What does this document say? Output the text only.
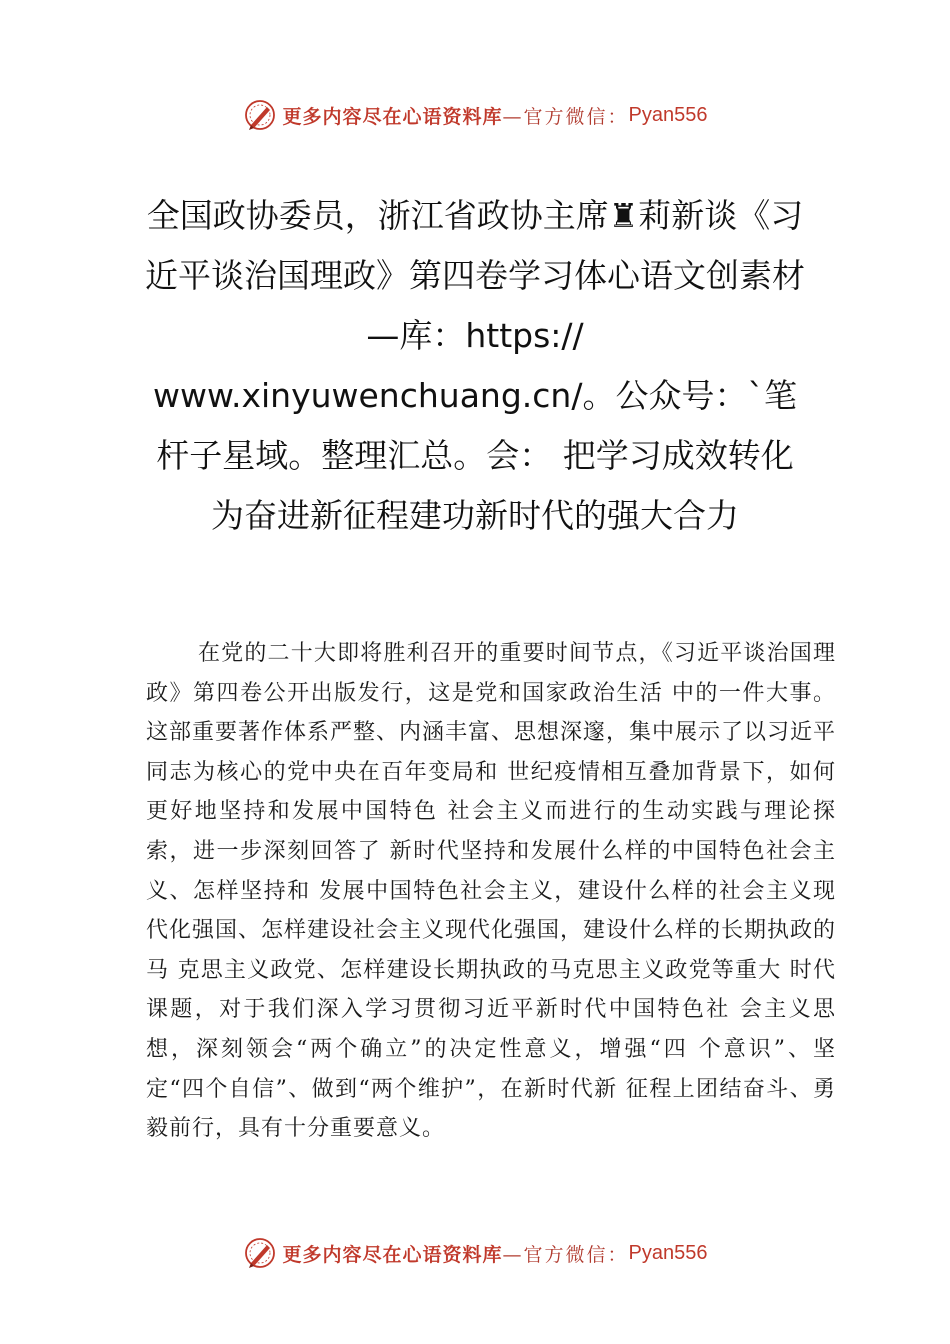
更多内容尽在心语资料库 —官方微信： Pyan556
全国政协委员，浙江省政协主席♜莉新谈《习近平谈治国理政》第四卷学习体心语文创素材—库：https:// www.xinyuwenchuang.cn/。公众号：`笔杆子星域。整理汇总。会： 把学习成效转化为奋进新征程建功新时代的强大合力

在党的二十大即将胜利召开的重要时间节点，《习近平谈治国理政》第四卷公开出版发行，这是党和国家政治生活 中的一件大事。这部重要著作体系严整、内涵丰富、思想深邃，集中展示了以习近平同志为核心的党中央在百年变局和 世纪疫情相互叠加背景下，如何更好地坚持和发展中国特色 社会主义而进行的生动实践与理论探索，进一步深刻回答了 新时代坚持和发展什么样的中国特色社会主义、怎样坚持和 发展中国特色社会主义，建设什么样的社会主义现代化强国、怎样建设社会主义现代化强国，建设什么样的长期执政的马 克思主义政党、怎样建设长期执政的马克思主义政党等重大 时代课题，对于我们深入学习贯彻习近平新时代中国特色社 会主义思想，深刻领会“两个确立”的决定性意义，增强“四 个意识”、坚定“四个自信”、做到“两个维护”，在新时代新 征程上团结奋斗、勇毅前行，具有十分重要意义。

更多内容尽在心语资料库 —官方微信： Pyan556
